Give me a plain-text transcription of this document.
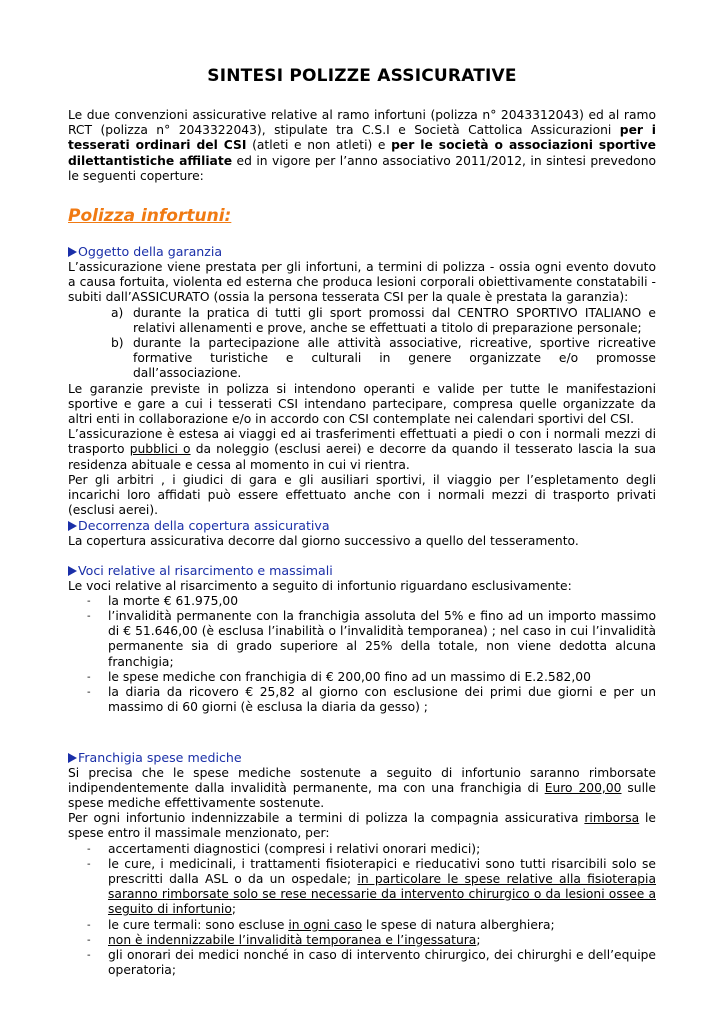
SINTESI POLIZZE ASSICURATIVE

Le due convenzioni assicurative relative al ramo infortuni (polizza n° 2043312043) ed al ramo RCT (polizza n° 2043322043), stipulate tra C.S.I e Società Cattolica Assicurazioni per i tesserati ordinari del CSI (atleti e non atleti) e per le società o associazioni sportive dilettantistiche affiliate ed in vigore per l’anno associativo 2011/2012, in sintesi prevedono le seguenti coperture:

Polizza infortuni:
Oggetto della garanzia

L’assicurazione viene prestata per gli infortuni, a termini di polizza - ossia ogni evento dovuto a causa fortuita, violenta ed esterna che produca lesioni corporali obiettivamente constatabili - subiti dall’ASSICURATO (ossia la persona tesserata CSI per la quale è prestata la garanzia):

a) durante la pratica di tutti gli sport promossi dal CENTRO SPORTIVO ITALIANO e relativi allenamenti e prove, anche se effettuati a titolo di preparazione personale;
b) durante la partecipazione alle attività associative, ricreative, sportive ricreative formative turistiche e culturali in genere organizzate e/o promosse dall’associazione.

Le garanzie previste in polizza si intendono operanti e valide per tutte le manifestazioni sportive e gare a cui i tesserati CSI intendano partecipare, compresa quelle organizzate da altri enti in collaborazione e/o in accordo con CSI contemplate nei calendari sportivi del CSI.

L’assicurazione è estesa ai viaggi ed ai trasferimenti effettuati a piedi o con i normali mezzi di trasporto pubblici o da noleggio (esclusi aerei) e decorre da quando il tesserato lascia la sua residenza abituale e cessa al momento in cui vi rientra.

Per gli arbitri , i giudici di gara e gli ausiliari sportivi, il viaggio per l’espletamento degli incarichi loro affidati può essere effettuato anche con i normali mezzi di trasporto privati (esclusi aerei).

Decorrenza della copertura assicurativa

La copertura assicurativa decorre dal giorno successivo a quello del tesseramento.

Voci relative al risarcimento e massimali

Le voci relative al risarcimento a seguito di infortunio riguardano esclusivamente:

- la morte € 61.975,00
- l’invalidità permanente con la franchigia assoluta del 5% e fino ad un importo massimo di € 51.646,00 (è esclusa l’inabilità o l’invalidità temporanea) ; nel caso in cui l’invalidità permanente sia di grado superiore al 25% della totale, non viene dedotta alcuna franchigia;
- le spese mediche con franchigia di € 200,00 fino ad un massimo di E.2.582,00
- la diaria da ricovero € 25,82 al giorno con esclusione dei primi due giorni e per un massimo di 60 giorni (è esclusa la diaria da gesso) ;
Franchigia spese mediche

Si precisa che le spese mediche sostenute a seguito di infortunio saranno rimborsate indipendentemente dalla invalidità permanente, ma con una franchigia di Euro 200,00 sulle spese mediche effettivamente sostenute.

Per ogni infortunio indennizzabile a termini di polizza la compagnia assicurativa rimborsa le spese entro il massimale menzionato, per:

- accertamenti diagnostici (compresi i relativi onorari medici);
- le cure, i medicinali, i trattamenti fisioterapici e rieducativi sono tutti risarcibili solo se prescritti dalla ASL o da un ospedale; in particolare le spese relative alla fisioterapia saranno rimborsate solo se rese necessarie da intervento chirurgico o da lesioni ossee a seguito di infortunio;
- le cure termali: sono escluse in ogni caso le spese di natura alberghiera;
- non è indennizzabile l’invalidità temporanea e l’ingessatura;
- gli onorari dei medici nonché in caso di intervento chirurgico, dei chirurghi e dell’equipe operatoria;
